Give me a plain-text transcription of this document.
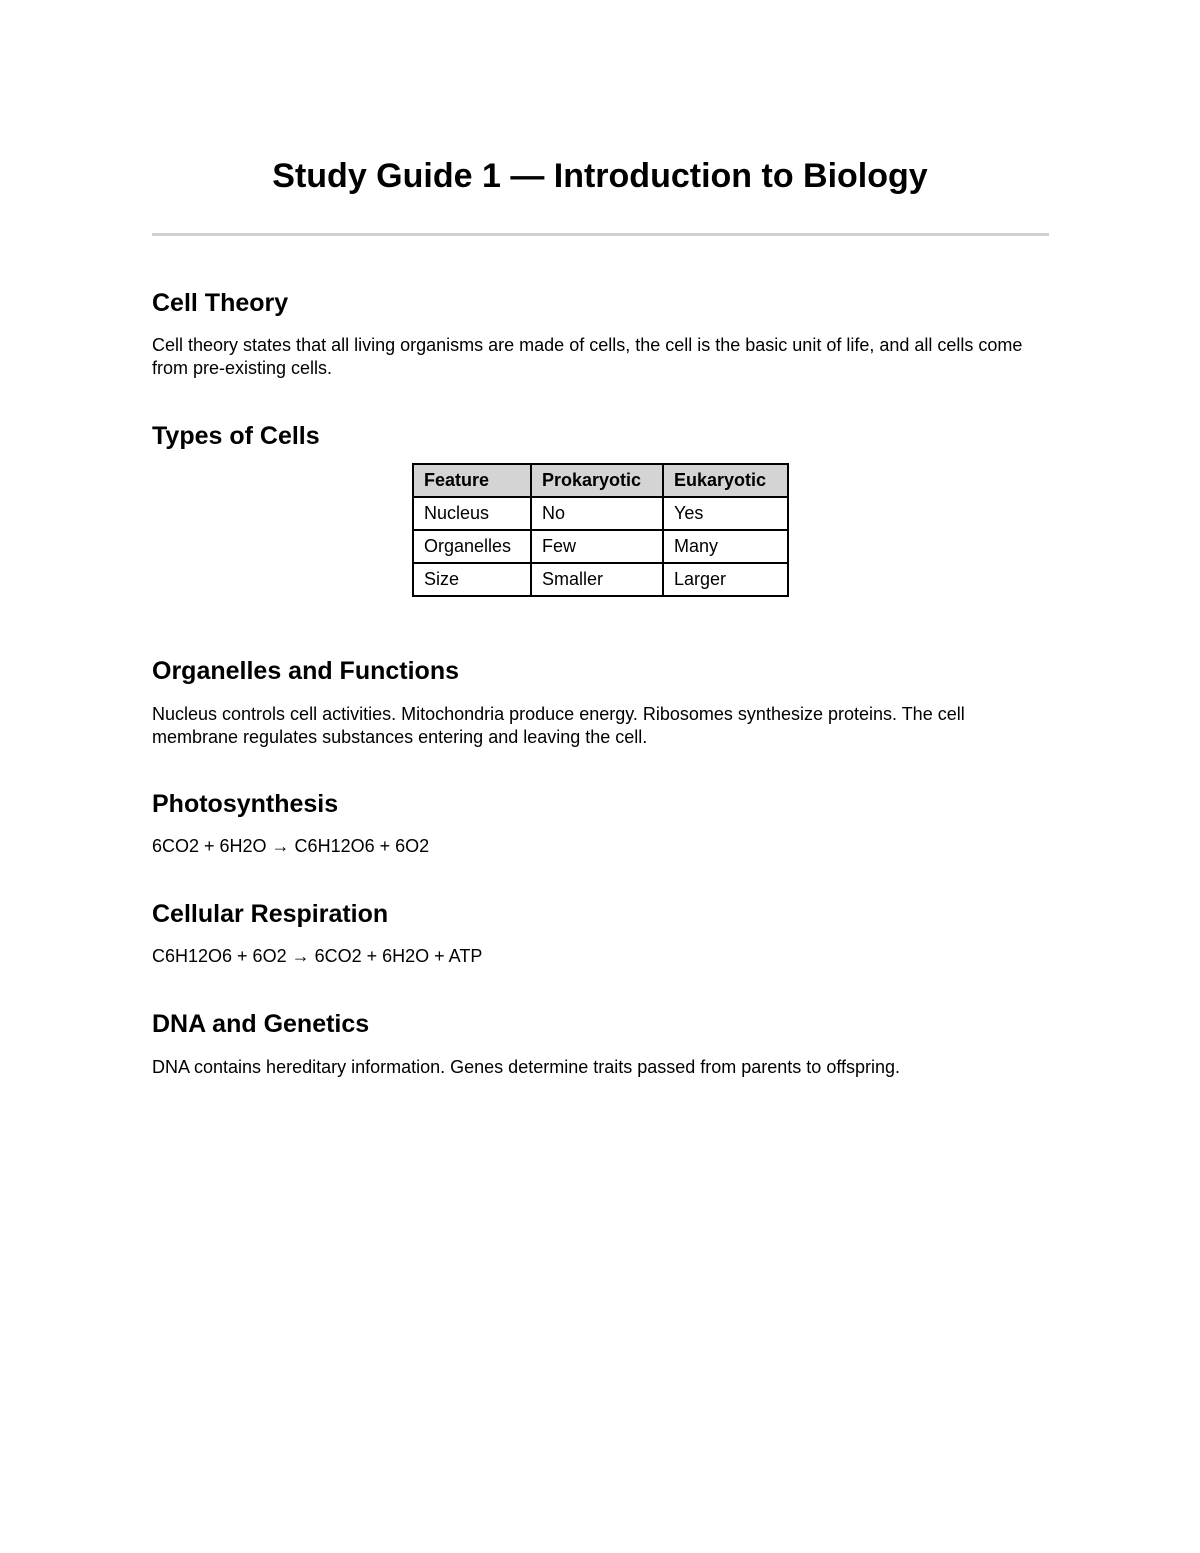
Study Guide 1 — Introduction to Biology
Cell Theory

Cell theory states that all living organisms are made of cells, the cell is the basic unit of life, and all cells come from pre-existing cells.

Types of Cells
Feature	Prokaryotic	Eukaryotic
Nucleus	No	Yes
Organelles	Few	Many
Size	Smaller	Larger
Organelles and Functions

Nucleus controls cell activities. Mitochondria produce energy. Ribosomes synthesize proteins. The cell membrane regulates substances entering and leaving the cell.

Photosynthesis

6CO2 + 6H2O → C6H12O6 + 6O2

Cellular Respiration

C6H12O6 + 6O2 → 6CO2 + 6H2O + ATP

DNA and Genetics

DNA contains hereditary information. Genes determine traits passed from parents to offspring.
